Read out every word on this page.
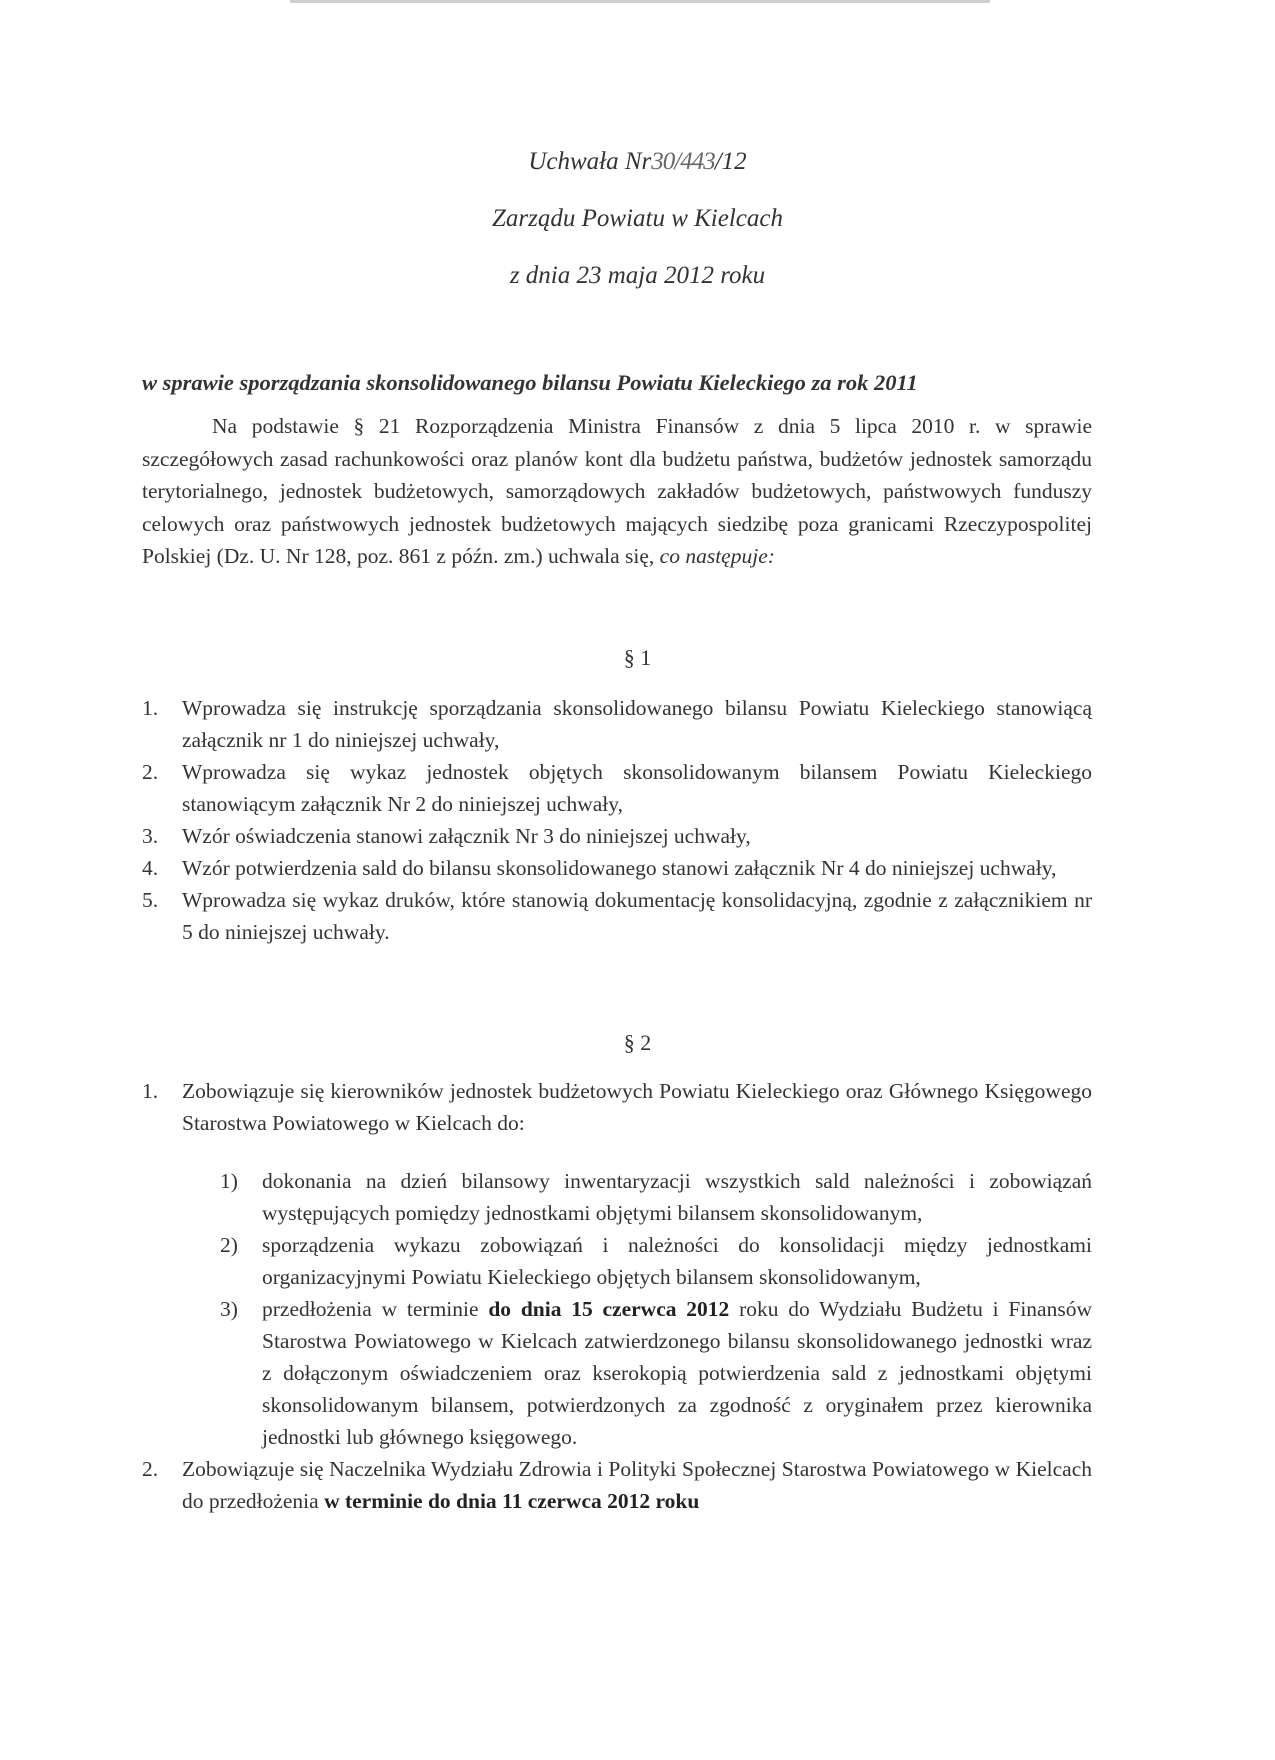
Uchwała Nr30/443/12
Zarządu Powiatu w Kielcach
z dnia 23 maja 2012 roku
w sprawie sporządzania skonsolidowanego bilansu Powiatu Kieleckiego za rok 2011
Na podstawie § 21 Rozporządzenia Ministra Finansów z dnia 5 lipca 2010 r. w sprawie szczegółowych zasad rachunkowości oraz planów kont dla budżetu państwa, budżetów jednostek samorządu terytorialnego, jednostek budżetowych, samorządowych zakładów budżetowych, państwowych funduszy celowych oraz państwowych jednostek budżetowych mających siedzibę poza granicami Rzeczypospolitej Polskiej (Dz. U. Nr 128, poz. 861 z późn. zm.) uchwala się, co następuje:
§ 1
1. Wprowadza się instrukcję sporządzania skonsolidowanego bilansu Powiatu Kieleckiego stanowiącą załącznik nr 1 do niniejszej uchwały,
2. Wprowadza się wykaz jednostek objętych skonsolidowanym bilansem Powiatu Kieleckiego stanowiącym załącznik Nr 2 do niniejszej uchwały,
3. Wzór oświadczenia stanowi załącznik Nr 3 do niniejszej uchwały,
4. Wzór potwierdzenia sald do bilansu skonsolidowanego stanowi załącznik Nr 4 do niniejszej uchwały,
5. Wprowadza się wykaz druków, które stanowią dokumentację konsolidacyjną, zgodnie z załącznikiem nr 5 do niniejszej uchwały.
§ 2
1. Zobowiązuje się kierowników jednostek budżetowych Powiatu Kieleckiego oraz Głównego Księgowego Starostwa Powiatowego w Kielcach do:
1) dokonania na dzień bilansowy inwentaryzacji wszystkich sald należności i zobowiązań występujących pomiędzy jednostkami objętymi bilansem skonsolidowanym,
2) sporządzenia wykazu zobowiązań i należności do konsolidacji między jednostkami organizacyjnymi Powiatu Kieleckiego objętych bilansem skonsolidowanym,
3) przedłożenia w terminie do dnia 15 czerwca 2012 roku do Wydziału Budżetu i Finansów Starostwa Powiatowego w Kielcach zatwierdzonego bilansu skonsolidowanego jednostki wraz z dołączonym oświadczeniem oraz kserokopią potwierdzenia sald z jednostkami objętymi skonsolidowanym bilansem, potwierdzonych za zgodność z oryginałem przez kierownika jednostki lub głównego księgowego.
2. Zobowiązuje się Naczelnika Wydziału Zdrowia i Polityki Społecznej Starostwa Powiatowego w Kielcach do przedłożenia w terminie do dnia 11 czerwca 2012 roku
